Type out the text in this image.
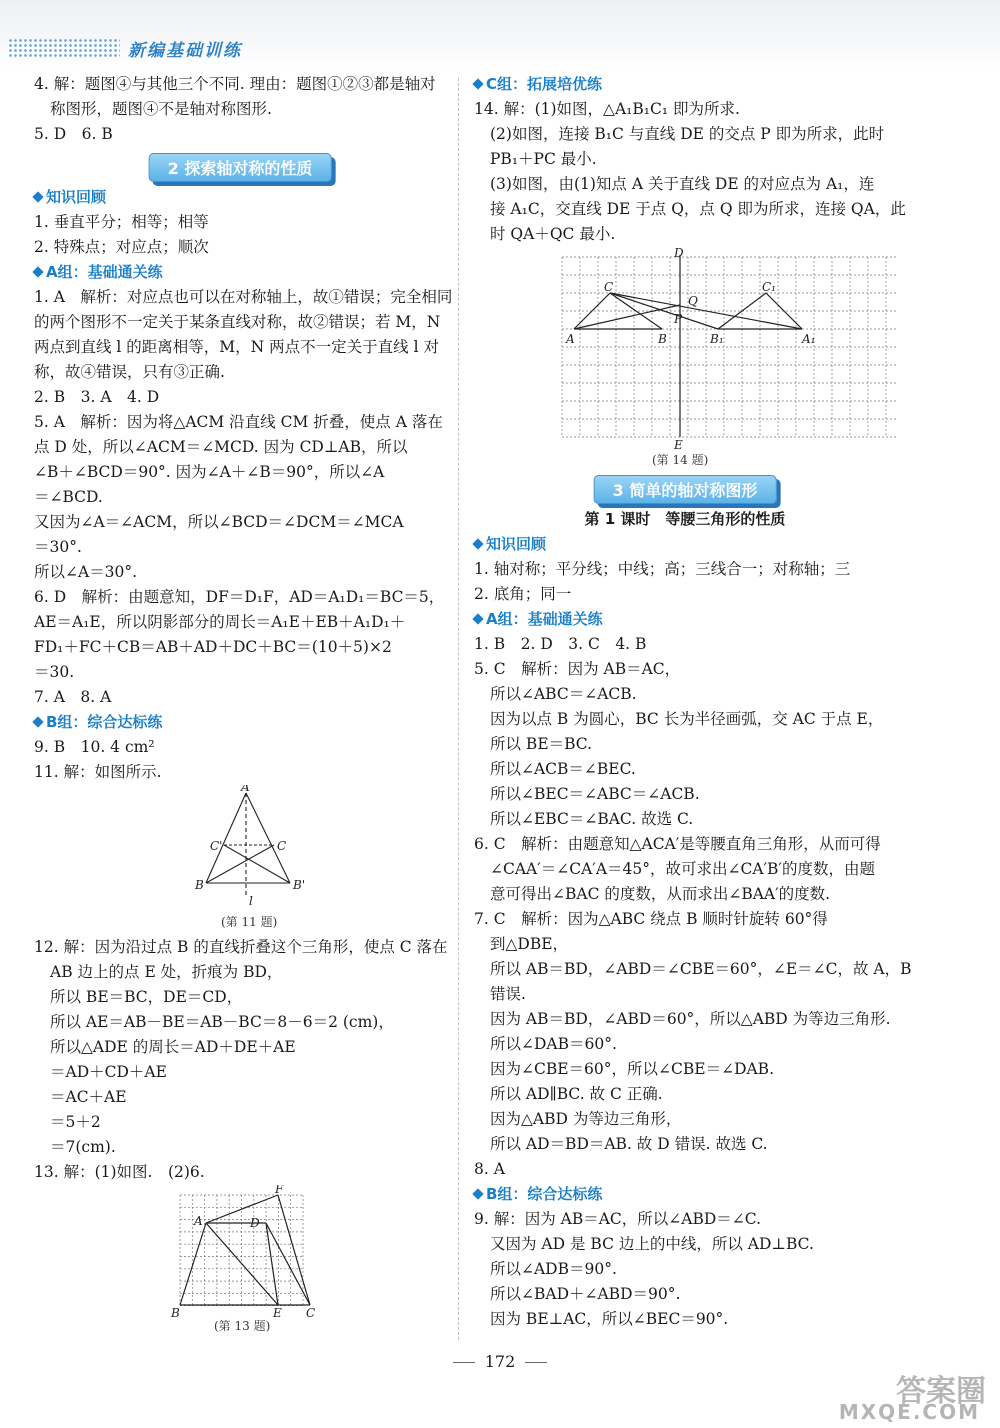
新编基础训练
4. 解：题图④与其他三个不同. 理由：题图①②③都是轴对
称图形，题图④不是轴对称图形.
5. D　6. B
2 探索轴对称的性质
知识回顾
1. 垂直平分；相等；相等
2. 特殊点；对应点；顺次
A组：基础通关练
1. A　解析：对应点也可以在对称轴上，故①错误；完全相同
的两个图形不一定关于某条直线对称，故②错误；若 M，N
两点到直线 l 的距离相等，M，N 两点不一定关于直线 l 对
称，故④错误，只有③正确.
2. B　3. A　4. D
5. A　解析：因为将△ACM 沿直线 CM 折叠，使点 A 落在
点 D 处，所以∠ACM＝∠MCD. 因为 CD⊥AB，所以
∠B＋∠BCD＝90°. 因为∠A＋∠B＝90°，所以∠A
＝∠BCD.
又因为∠A＝∠ACM，所以∠BCD＝∠DCM＝∠MCA
＝30°.
所以∠A＝30°.
6. D　解析：由题意知，DF＝D₁F，AD＝A₁D₁＝BC＝5，
AE＝A₁E，所以阴影部分的周长＝A₁E＋EB＋A₁D₁＋
FD₁＋FC＋CB＝AB＋AD＋DC＋BC＝(10＋5)×2
＝30.
7. A　8. A
B组：综合达标练
9. B　10. 4 cm²
11. 解：如图所示.
A
C'	C
B	B'
l
(第 11 题)
12. 解：因为沿过点 B 的直线折叠这个三角形，使点 C 落在
AB 边上的点 E 处，折痕为 BD，
所以 BE＝BC，DE＝CD，
所以 AE＝AB－BE＝AB－BC＝8－6＝2 (cm)，
所以△ADE 的周长＝AD＋DE＋AE
＝AD＋CD＋AE
＝AC＋AE
＝5＋2
＝7(cm).
13. 解：(1)如图.　(2)6.
F
A	D
B	E C
(第 13 题)
C组：拓展培优练
14. 解：(1)如图，△A₁B₁C₁ 即为所求.
(2)如图，连接 B₁C 与直线 DE 的交点 P 即为所求，此时
PB₁＋PC 最小.
(3)如图，由(1)知点 A 关于直线 DE 的对应点为 A₁，连
接 A₁C，交直线 DE 于点 Q，点 Q 即为所求，连接 QA，此
时 QA＋QC 最小.
D
C	C₁
Q
P
A	B	B₁	A₁
E
(第 14 题)
3 简单的轴对称图形
第 1 课时　等腰三角形的性质
知识回顾
1. 轴对称；平分线；中线；高；三线合一；对称轴；三
2. 底角；同一
A组：基础通关练
1. B　2. D　3. C　4. B
5. C　解析：因为 AB＝AC，
所以∠ABC＝∠ACB.
因为以点 B 为圆心，BC 长为半径画弧，交 AC 于点 E，
所以 BE＝BC.
所以∠ACB＝∠BEC.
所以∠BEC＝∠ABC＝∠ACB.
所以∠EBC＝∠BAC. 故选 C.
6. C　解析：由题意知△ACA′是等腰直角三角形，从而可得
∠CAA′＝∠CA′A＝45°，故可求出∠CA′B′的度数，由题
意可得出∠BAC 的度数，从而求出∠BAA′的度数.
7. C　解析：因为△ABC 绕点 B 顺时针旋转 60°得
到△DBE，
所以 AB＝BD，∠ABD＝∠CBE＝60°，∠E＝∠C，故 A，B
错误.
因为 AB＝BD，∠ABD＝60°，所以△ABD 为等边三角形.
所以∠DAB＝60°.
因为∠CBE＝60°，所以∠CBE＝∠DAB.
所以 AD∥BC. 故 C 正确.
因为△ABD 为等边三角形，
所以 AD＝BD＝AB. 故 D 错误. 故选 C.
8. A
B组：综合达标练
9. 解：因为 AB＝AC，所以∠ABD＝∠C.
又因为 AD 是 BC 边上的中线，所以 AD⊥BC.
所以∠ADB＝90°.
所以∠BAD＋∠ABD＝90°.
因为 BE⊥AC，所以∠BEC＝90°.
172
答案圈
MXQE.COM
